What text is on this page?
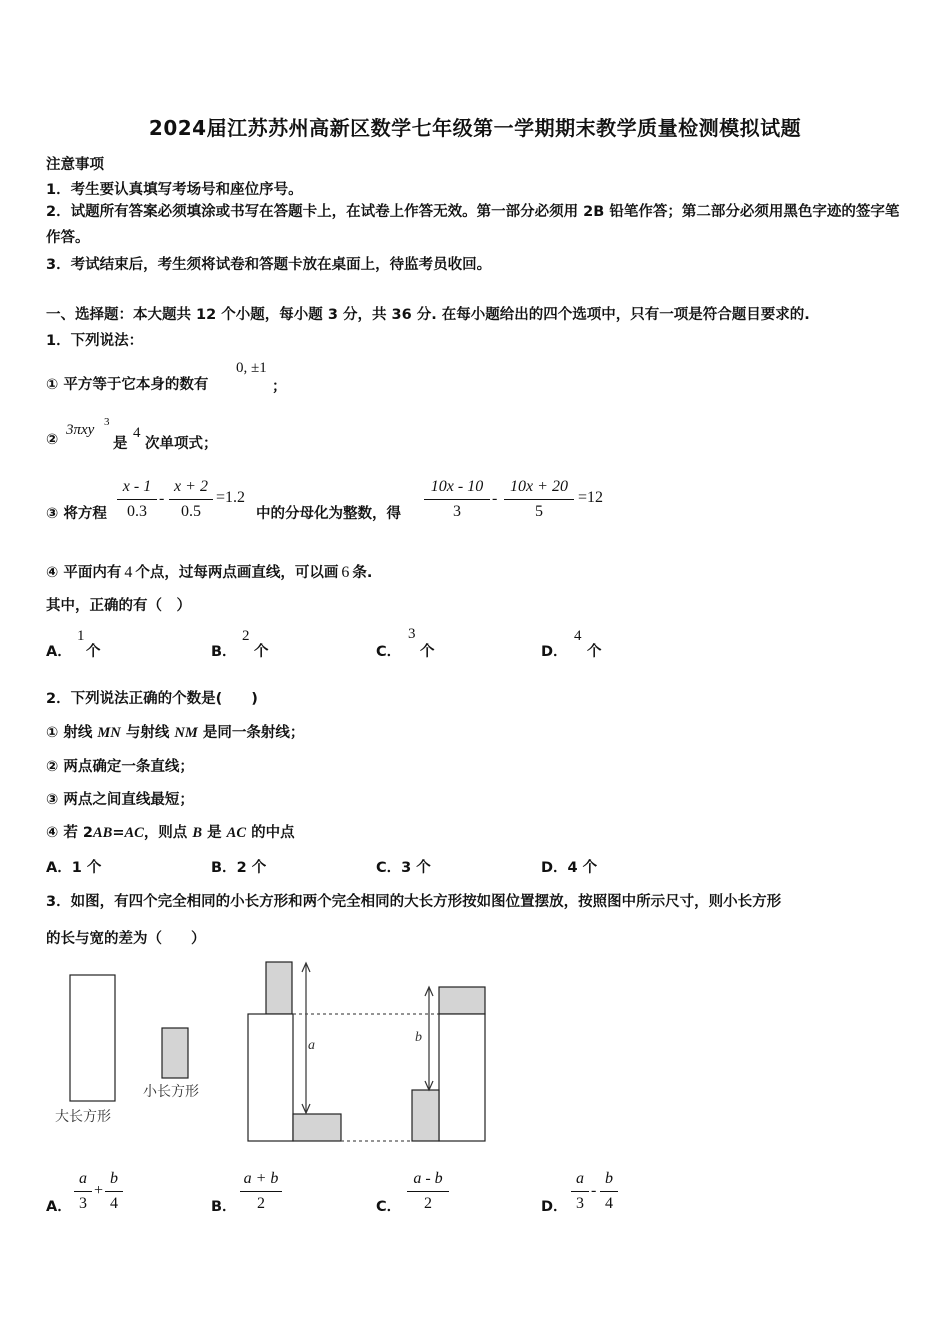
2024届江苏苏州高新区数学七年级第一学期期末教学质量检测模拟试题
注意事项
1．考生要认真填写考场号和座位序号。
2．试题所有答案必须填涂或书写在答题卡上，在试卷上作答无效。第一部分必须用 2B 铅笔作答；第二部分必须用黑色字迹的签字笔作答。
3．考试结束后，考生须将试卷和答题卡放在桌面上，待监考员收回。
一、选择题：本大题共 12 个小题，每小题 3 分，共 36 分. 在每小题给出的四个选项中，只有一项是符合题目要求的.
1．下列说法：
① 平方等于它本身的数有
0, ±1
；
②
3πxy 3
是
4
次单项式；
③ 将方程 $\frac{x - 1}{0.3} - \frac{x + 2}{0.5} =1.2$
中的分母化为整数，得 $\frac{10x - 10}{3} - \frac{10x + 20}{5} =12$
④ 平面内有 4 个点，过每两点画直线，可以画 6 条.
其中，正确的有（　）
A．
1
个	B．
2
个	C．
3
个	D．
4
个
2．下列说法正确的个数是(　　)
① 射线 MN 与射线 NM 是同一条射线；
② 两点确定一条直线；
③ 两点之间直线最短；
④ 若 2AB=AC，则点 B 是 AC 的中点
A．1 个	B．2 个	C．3 个	D．4 个
3．如图，有四个完全相同的小长方形和两个完全相同的大长方形按如图位置摆放，按照图中所示尺寸，则小长方形
的长与宽的差为（　　）
大长方形
小长方形
a
b
A． $\frac{a}{3} + \frac{b}{4}$	B． $\frac{a + b}{2}$	C． $\frac{a - b}{2}$	D． $\frac{a}{3} - \frac{b}{4}$
